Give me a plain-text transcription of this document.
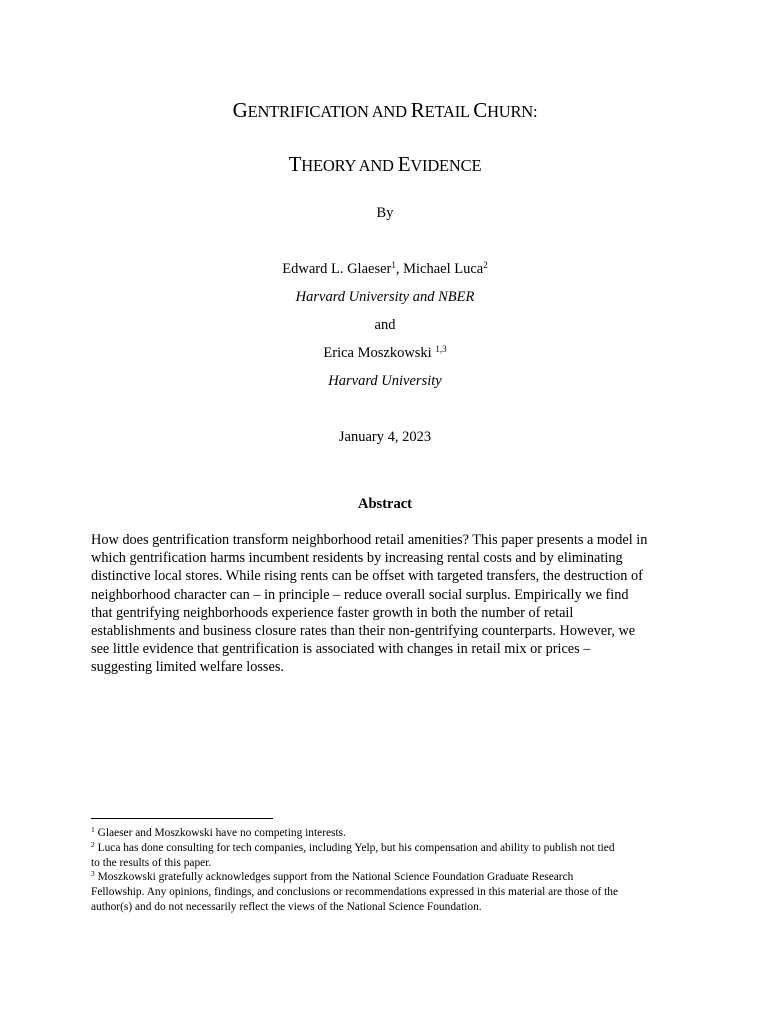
GENTRIFICATION AND RETAIL CHURN:
THEORY AND EVIDENCE
By
Edward L. Glaeser$^1$, Michael Luca$^2$
Harvard University and NBER
and
Erica Moszkowski $^{1,3}$
Harvard University
January 4, 2023
Abstract
How does gentrification transform neighborhood retail amenities? This paper presents a model in
which gentrification harms incumbent residents by increasing rental costs and by eliminating
distinctive local stores. While rising rents can be offset with targeted transfers, the destruction of
neighborhood character can – in principle – reduce overall social surplus. Empirically we find
that gentrifying neighborhoods experience faster growth in both the number of retail
establishments and business closure rates than their non-gentrifying counterparts. However, we
see little evidence that gentrification is associated with changes in retail mix or prices –
suggesting limited welfare losses.
$^1$ Glaeser and Moszkowski have no competing interests.
$^2$ Luca has done consulting for tech companies, including Yelp, but his compensation and ability to publish not tied
to the results of this paper.
$^3$ Moszkowski gratefully acknowledges support from the National Science Foundation Graduate Research
Fellowship. Any opinions, findings, and conclusions or recommendations expressed in this material are those of the
author(s) and do not necessarily reflect the views of the National Science Foundation.
